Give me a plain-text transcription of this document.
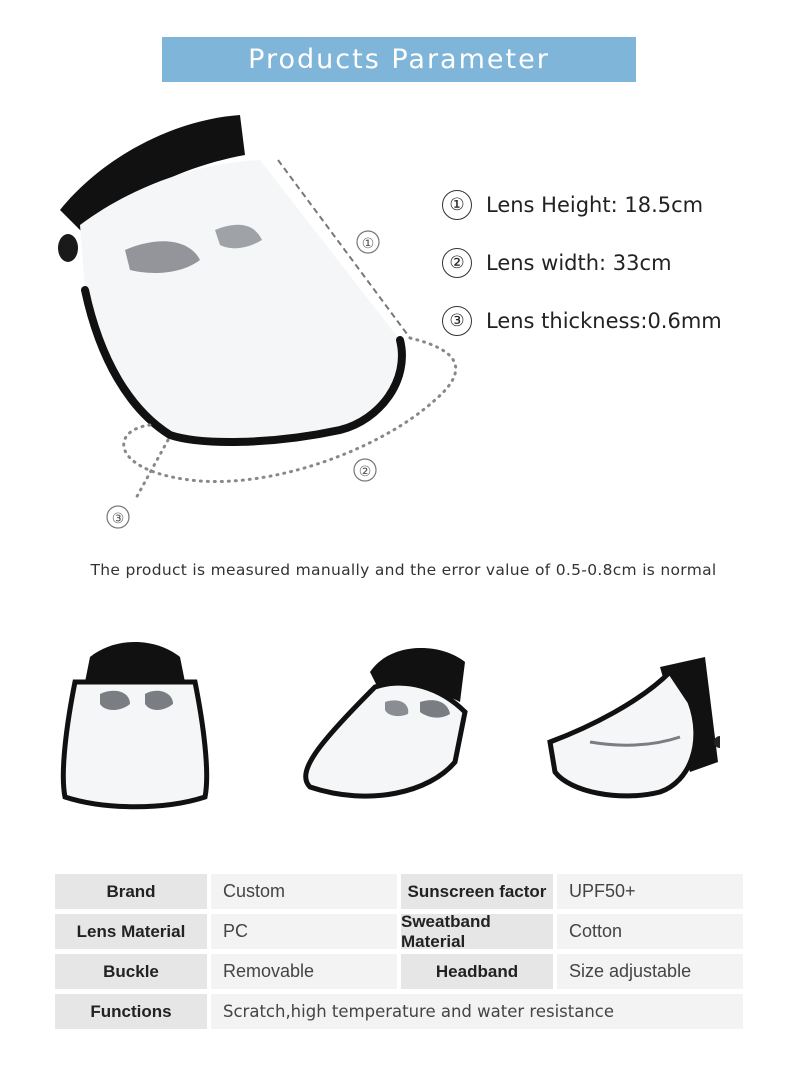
Products Parameter
①
②
③
①	Lens Height: 18.5cm
②	Lens width: 33cm
③	Lens thickness:0.6mm
The product is measured manually and the error value of 0.5-0.8cm is normal
Brand	Custom	Sunscreen factor	UPF50+
Lens Material	PC	Sweatband Material	Cotton
Buckle	Removable	Headband	Size adjustable
Functions	Scratch,high temperature and water resistance
